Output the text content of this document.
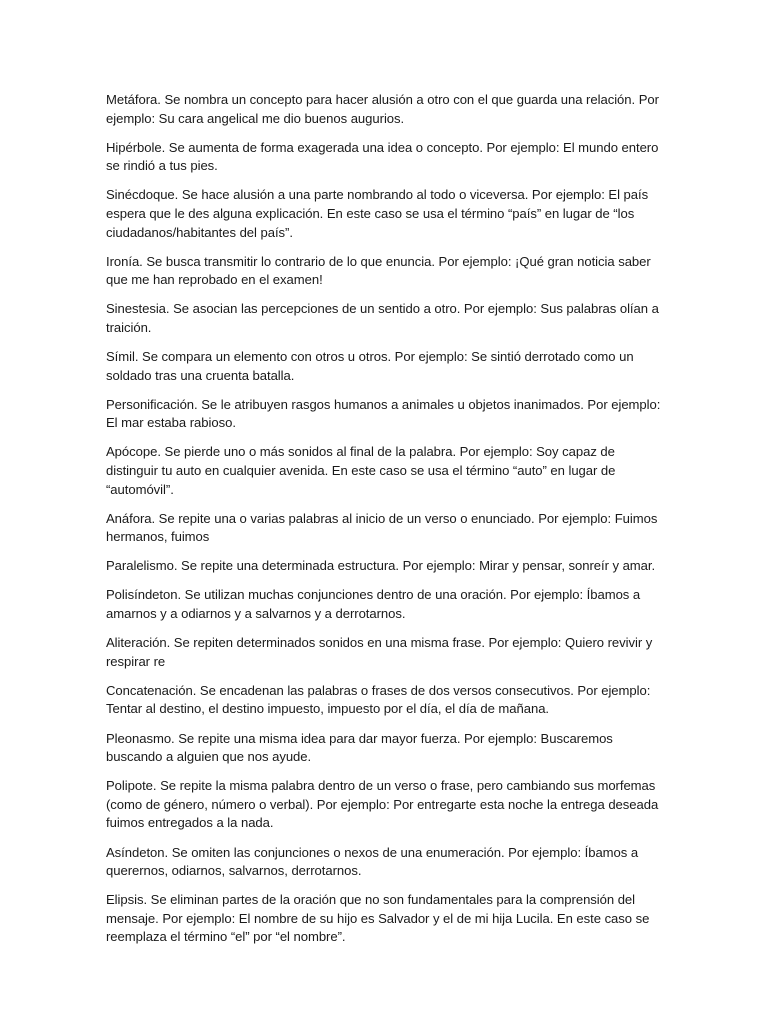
Metáfora. Se nombra un concepto para hacer alusión a otro con el que guarda una relación. Por ejemplo: Su cara angelical me dio buenos augurios.

Hipérbole. Se aumenta de forma exagerada una idea o concepto. Por ejemplo: El mundo entero se rindió a tus pies.

Sinécdoque. Se hace alusión a una parte nombrando al todo o viceversa. Por ejemplo: El país espera que le des alguna explicación. En este caso se usa el término “país” en lugar de “los ciudadanos/habitantes del país”.

Ironía. Se busca transmitir lo contrario de lo que enuncia. Por ejemplo: ¡Qué gran noticia saber que me han reprobado en el examen!

Sinestesia. Se asocian las percepciones de un sentido a otro. Por ejemplo: Sus palabras olían a traición.

Símil. Se compara un elemento con otros u otros. Por ejemplo: Se sintió derrotado como un soldado tras una cruenta batalla.

Personificación. Se le atribuyen rasgos humanos a animales u objetos inanimados. Por ejemplo: El mar estaba rabioso.

Apócope. Se pierde uno o más sonidos al final de la palabra. Por ejemplo: Soy capaz de distinguir tu auto en cualquier avenida. En este caso se usa el término “auto” en lugar de “automóvil”.

Anáfora. Se repite una o varias palabras al inicio de un verso o enunciado. Por ejemplo: Fuimos hermanos, fuimos

Paralelismo. Se repite una determinada estructura. Por ejemplo: Mirar y pensar, sonreír y amar.

Polisíndeton. Se utilizan muchas conjunciones dentro de una oración. Por ejemplo: Íbamos a amarnos y a odiarnos y a salvarnos y a derrotarnos.

Aliteración. Se repiten determinados sonidos en una misma frase. Por ejemplo: Quiero revivir y respirar re

Concatenación. Se encadenan las palabras o frases de dos versos consecutivos. Por ejemplo: Tentar al destino, el destino impuesto, impuesto por el día, el día de mañana.

Pleonasmo. Se repite una misma idea para dar mayor fuerza. Por ejemplo: Buscaremos buscando a alguien que nos ayude.

Polipote. Se repite la misma palabra dentro de un verso o frase, pero cambiando sus morfemas (como de género, número o verbal). Por ejemplo: Por entregarte esta noche la entrega deseada fuimos entregados a la nada.

Asíndeton. Se omiten las conjunciones o nexos de una enumeración. Por ejemplo: Íbamos a querernos, odiarnos, salvarnos, derrotarnos.

Elipsis. Se eliminan partes de la oración que no son fundamentales para la comprensión del mensaje. Por ejemplo: El nombre de su hijo es Salvador y el de mi hija Lucila. En este caso se reemplaza el término “el” por “el nombre”.
